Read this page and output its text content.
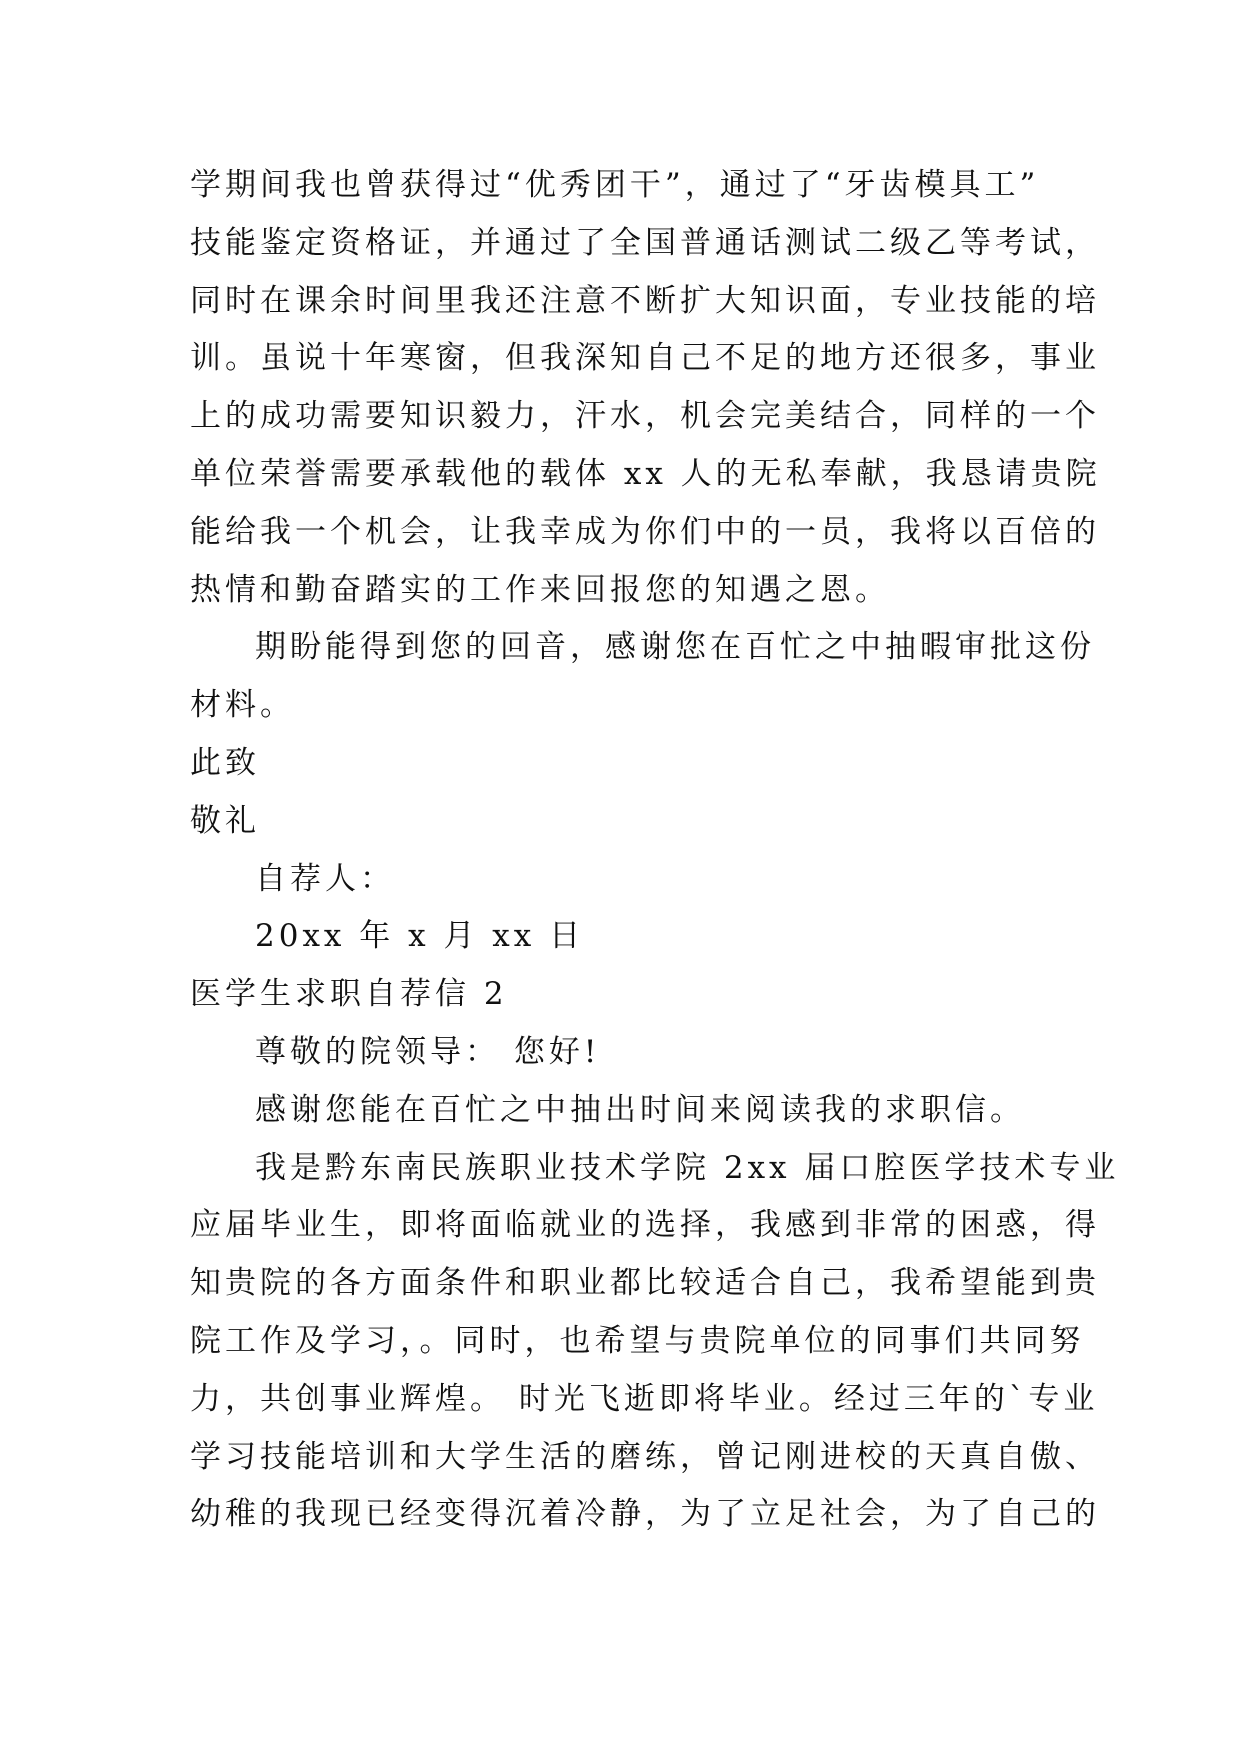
学期间我也曾获得过“优秀团干”，通过了“牙齿模具工”
技能鉴定资格证，并通过了全国普通话测试二级乙等考试，
同时在课余时间里我还注意不断扩大知识面，专业技能的培
训。虽说十年寒窗，但我深知自己不足的地方还很多，事业
上的成功需要知识毅力，汗水，机会完美结合，同样的一个
单位荣誉需要承载他的载体 xx 人的无私奉献，我恳请贵院
能给我一个机会，让我幸成为你们中的一员，我将以百倍的
热情和勤奋踏实的工作来回报您的知遇之恩。
期盼能得到您的回音，感谢您在百忙之中抽暇审批这份
材料。
此致
敬礼
自荐人：
20xx 年 x 月 xx 日
医学生求职自荐信 2
尊敬的院领导： 您好!
感谢您能在百忙之中抽出时间来阅读我的求职信。
我是黔东南民族职业技术学院 2xx 届口腔医学技术专业
应届毕业生，即将面临就业的选择，我感到非常的困惑，得
知贵院的各方面条件和职业都比较适合自己，我希望能到贵
院工作及学习，。同时，也希望与贵院单位的同事们共同努
力，共创事业辉煌。 时光飞逝即将毕业。经过三年的`专业
学习技能培训和大学生活的磨练，曾记刚进校的天真自傲、
幼稚的我现已经变得沉着冷静，为了立足社会，为了自己的
